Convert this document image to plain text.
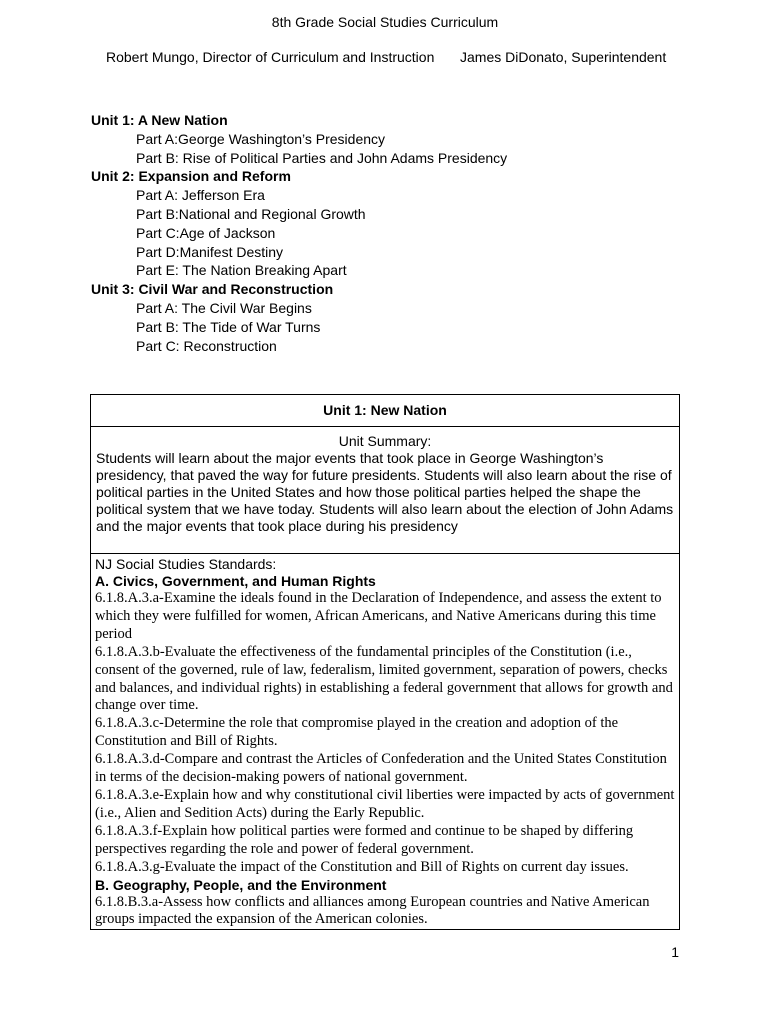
8th Grade Social Studies Curriculum
Robert Mungo, Director of Curriculum and Instruction James DiDonato, Superintendent
Unit 1: A New Nation
Part A:George Washington’s Presidency
Part B: Rise of Political Parties and John Adams Presidency
Unit 2: Expansion and Reform
Part A: Jefferson Era
Part B:National and Regional Growth
Part C:Age of Jackson
Part D:Manifest Destiny
Part E: The Nation Breaking Apart
Unit 3: Civil War and Reconstruction
Part A: The Civil War Begins
Part B: The Tide of War Turns
Part C: Reconstruction
Unit 1: New Nation
Unit Summary:
Students will learn about the major events that took place in George Washington’s presidency, that paved the way for future presidents. Students will also learn about the rise of political parties in the United States and how those political parties helped the shape the political system that we have today. Students will also learn about the election of John Adams and the major events that took place during his presidency
NJ Social Studies Standards:
A. Civics, Government, and Human Rights
6.1.8.A.3.a-Examine the ideals found in the Declaration of Independence, and assess the extent to which they were fulfilled for women, African Americans, and Native Americans during this time period
6.1.8.A.3.b-Evaluate the effectiveness of the fundamental principles of the Constitution (i.e., consent of the governed, rule of law, federalism, limited government, separation of powers, checks and balances, and individual rights) in establishing a federal government that allows for growth and change over time.
6.1.8.A.3.c-Determine the role that compromise played in the creation and adoption of the Constitution and Bill of Rights.
6.1.8.A.3.d-Compare and contrast the Articles of Confederation and the United States Constitution in terms of the decision-making powers of national government.
6.1.8.A.3.e-Explain how and why constitutional civil liberties were impacted by acts of government (i.e., Alien and Sedition Acts) during the Early Republic.
6.1.8.A.3.f-Explain how political parties were formed and continue to be shaped by differing perspectives regarding the role and power of federal government.
6.1.8.A.3.g-Evaluate the impact of the Constitution and Bill of Rights on current day issues.
B. Geography, People, and the Environment
6.1.8.B.3.a-Assess how conflicts and alliances among European countries and Native American groups impacted the expansion of the American colonies.
1
